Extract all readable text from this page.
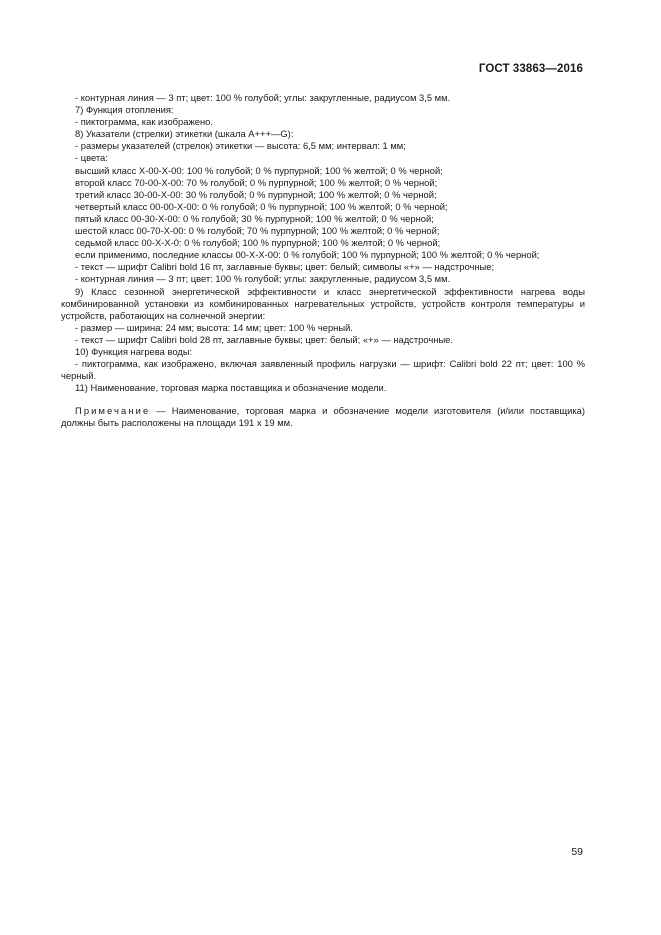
ГОСТ 33863—2016
- контурная линия — 3 пт; цвет: 100 % голубой; углы: закругленные, радиусом 3,5 мм.
7) Функция отопления:
- пиктограмма, как изображено.
8) Указатели (стрелки) этикетки (шкала A+++—G):
- размеры указателей (стрелок) этикетки — высота: 6,5 мм; интервал: 1 мм;
- цвета:
высший класс X-00-X-00: 100 % голубой; 0 % пурпурной; 100 % желтой; 0 % черной;
второй класс 70-00-X-00: 70 % голубой; 0 % пурпурной; 100 % желтой; 0 % черной;
третий класс 30-00-X-00: 30 % голубой; 0 % пурпурной; 100 % желтой; 0 % черной;
четвертый класс 00-00-X-00: 0 % голубой; 0 % пурпурной; 100 % желтой; 0 % черной;
пятый класс 00-30-X-00: 0 % голубой; 30 % пурпурной; 100 % желтой; 0 % черной;
шестой класс 00-70-X-00: 0 % голубой; 70 % пурпурной; 100 % желтой; 0 % черной;
седьмой класс 00-X-X-0: 0 % голубой; 100 % пурпурной; 100 % желтой; 0 % черной;
если применимо, последние классы 00-X-X-00: 0 % голубой; 100 % пурпурной; 100 % желтой; 0 % черной;
- текст — шрифт Calibri bold 16 пт, заглавные буквы; цвет: белый; символы «+» — надстрочные;
- контурная линия — 3 пт; цвет: 100 % голубой; углы: закругленные, радиусом 3,5 мм.
9) Класс сезонной энергетической эффективности и класс энергетической эффективности нагрева воды комбинированной установки из комбинированных нагревательных устройств, устройств контроля температуры и устройств, работающих на солнечной энергии:
- размер — ширина: 24 мм; высота: 14 мм; цвет: 100 % черный.
- текст — шрифт Calibri bold 28 пт, заглавные буквы; цвет: белый; «+» — надстрочные.
10) Функция нагрева воды:
- пиктограмма, как изображено, включая заявленный профиль нагрузки — шрифт: Calibri bold 22 пт; цвет: 100 % черный.
11) Наименование, торговая марка поставщика и обозначение модели.
Примечание — Наименование, торговая марка и обозначение модели изготовителя (и/или поставщика) должны быть расположены на площади 191 х 19 мм.
59
